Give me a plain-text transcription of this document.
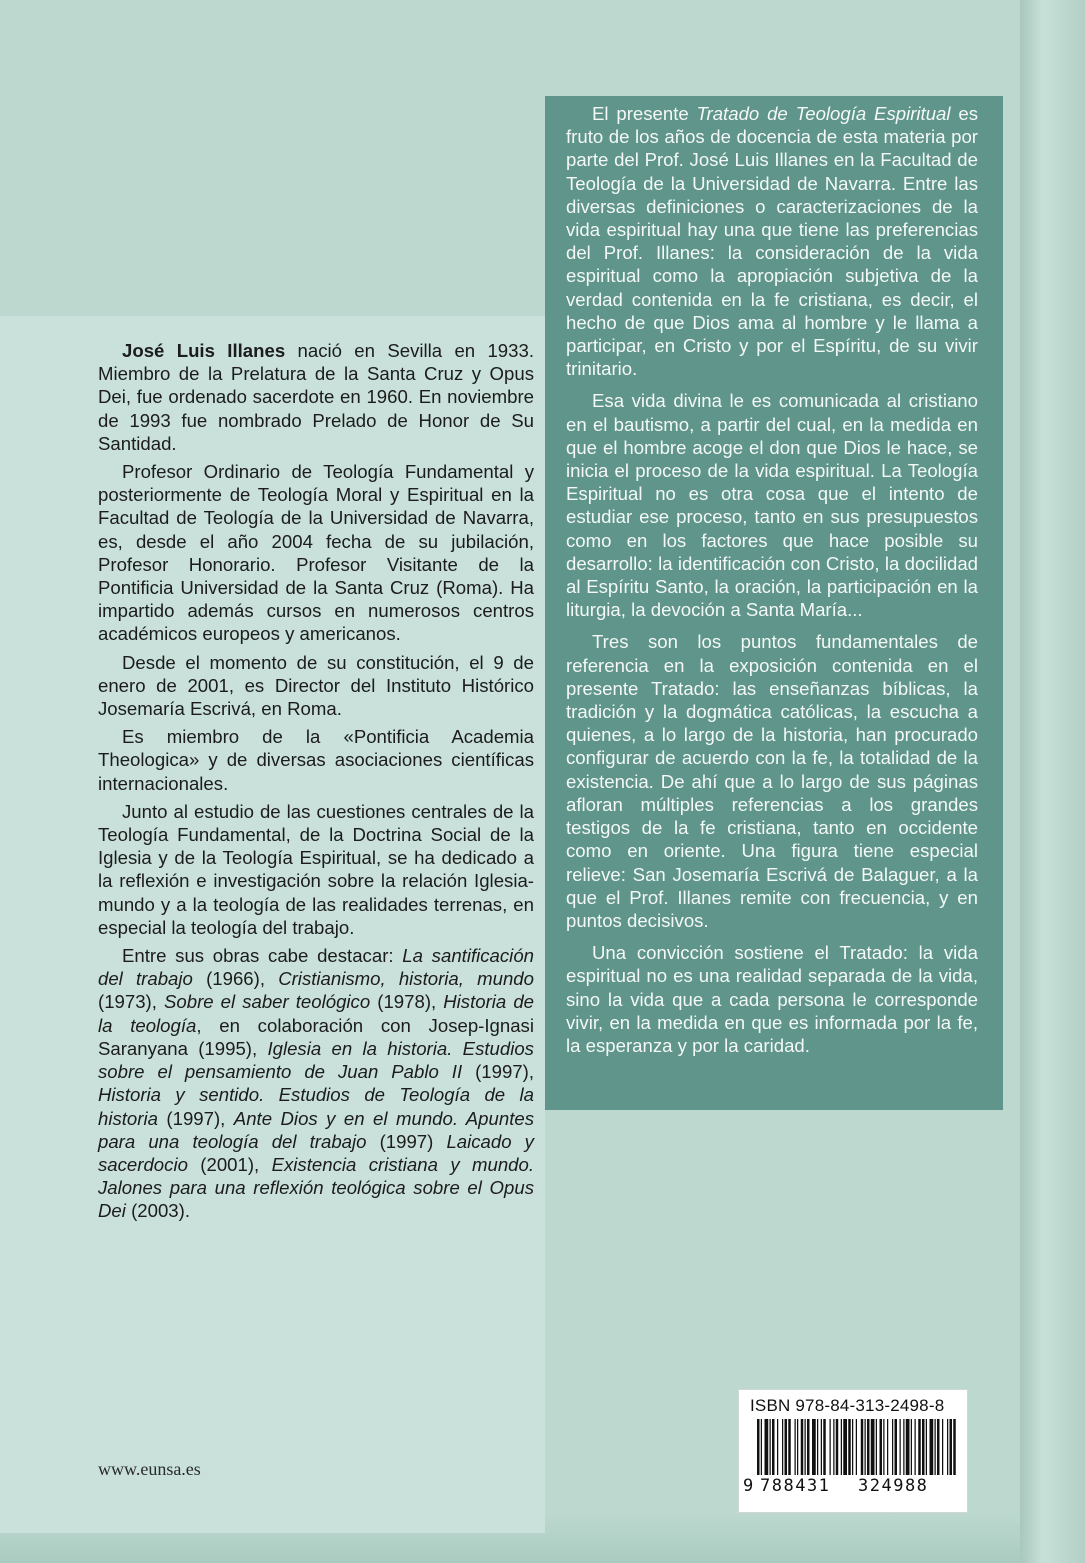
El presente Tratado de Teología Espiritual es fruto de los años de docencia de esta materia por parte del Prof. José Luis Illanes en la Facultad de Teología de la Universidad de Navarra. Entre las diversas definiciones o caracterizaciones de la vida espiritual hay una que tiene las preferencias del Prof. Illanes: la consideración de la vida espiritual como la apropiación subjetiva de la verdad contenida en la fe cristiana, es decir, el hecho de que Dios ama al hombre y le llama a participar, en Cristo y por el Espíritu, de su vivir trinitario.

Esa vida divina le es comunicada al cristiano en el bautismo, a partir del cual, en la medida en que el hombre acoge el don que Dios le hace, se inicia el proceso de la vida espiritual. La Teología Espiritual no es otra cosa que el intento de estudiar ese proceso, tanto en sus presupuestos como en los factores que hace posible su desarrollo: la identificación con Cristo, la docilidad al Espíritu Santo, la oración, la participación en la liturgia, la devoción a Santa María...

Tres son los puntos fundamentales de referencia en la exposición contenida en el presente Tratado: las enseñanzas bíblicas, la tradición y la dogmática católicas, la escucha a quienes, a lo largo de la historia, han procurado configurar de acuerdo con la fe, la totalidad de la existencia. De ahí que a lo largo de sus páginas afloran múltiples referencias a los grandes testigos de la fe cristiana, tanto en occidente como en oriente. Una figura tiene especial relieve: San Josemaría Escrivá de Balaguer, a la que el Prof. Illanes remite con frecuencia, y en puntos decisivos.

Una convicción sostiene el Tratado: la vida espiritual no es una realidad separada de la vida, sino la vida que a cada persona le corresponde vivir, en la medida en que es informada por la fe, la esperanza y por la caridad.

José Luis Illanes nació en Sevilla en 1933. Miembro de la Prelatura de la Santa Cruz y Opus Dei, fue ordenado sacerdote en 1960. En noviembre de 1993 fue nombrado Prelado de Honor de Su Santidad.

Profesor Ordinario de Teología Fundamental y posteriormente de Teología Moral y Espiritual en la Facultad de Teología de la Universidad de Navarra, es, desde el año 2004 fecha de su jubilación, Profesor Honorario. Profesor Visitante de la Pontificia Universidad de la Santa Cruz (Roma). Ha impartido además cursos en numerosos centros académicos europeos y americanos.

Desde el momento de su constitución, el 9 de enero de 2001, es Director del Instituto Histórico Josemaría Escrivá, en Roma.

Es miembro de la «Pontificia Academia Theologica» y de diversas asociaciones científicas internacionales.

Junto al estudio de las cuestiones centrales de la Teología Fundamental, de la Doctrina Social de la Iglesia y de la Teología Espiritual, se ha dedicado a la reflexión e investigación sobre la relación Iglesia-mundo y a la teología de las realidades terrenas, en especial la teología del trabajo.

Entre sus obras cabe destacar: La santificación del trabajo (1966), Cristianismo, historia, mundo (1973), Sobre el saber teológico (1978), Historia de la teología, en colaboración con Josep-Ignasi Saranyana (1995), Iglesia en la historia. Estudios sobre el pensamiento de Juan Pablo II (1997), Historia y sentido. Estudios de Teología de la historia (1997), Ante Dios y en el mundo. Apuntes para una teología del trabajo (1997) Laicado y sacerdocio (2001), Existencia cristiana y mundo. Jalones para una reflexión teológica sobre el Opus Dei (2003).

www.eunsa.es
ISBN 978-84-313-2498-8
9 788431 324988
